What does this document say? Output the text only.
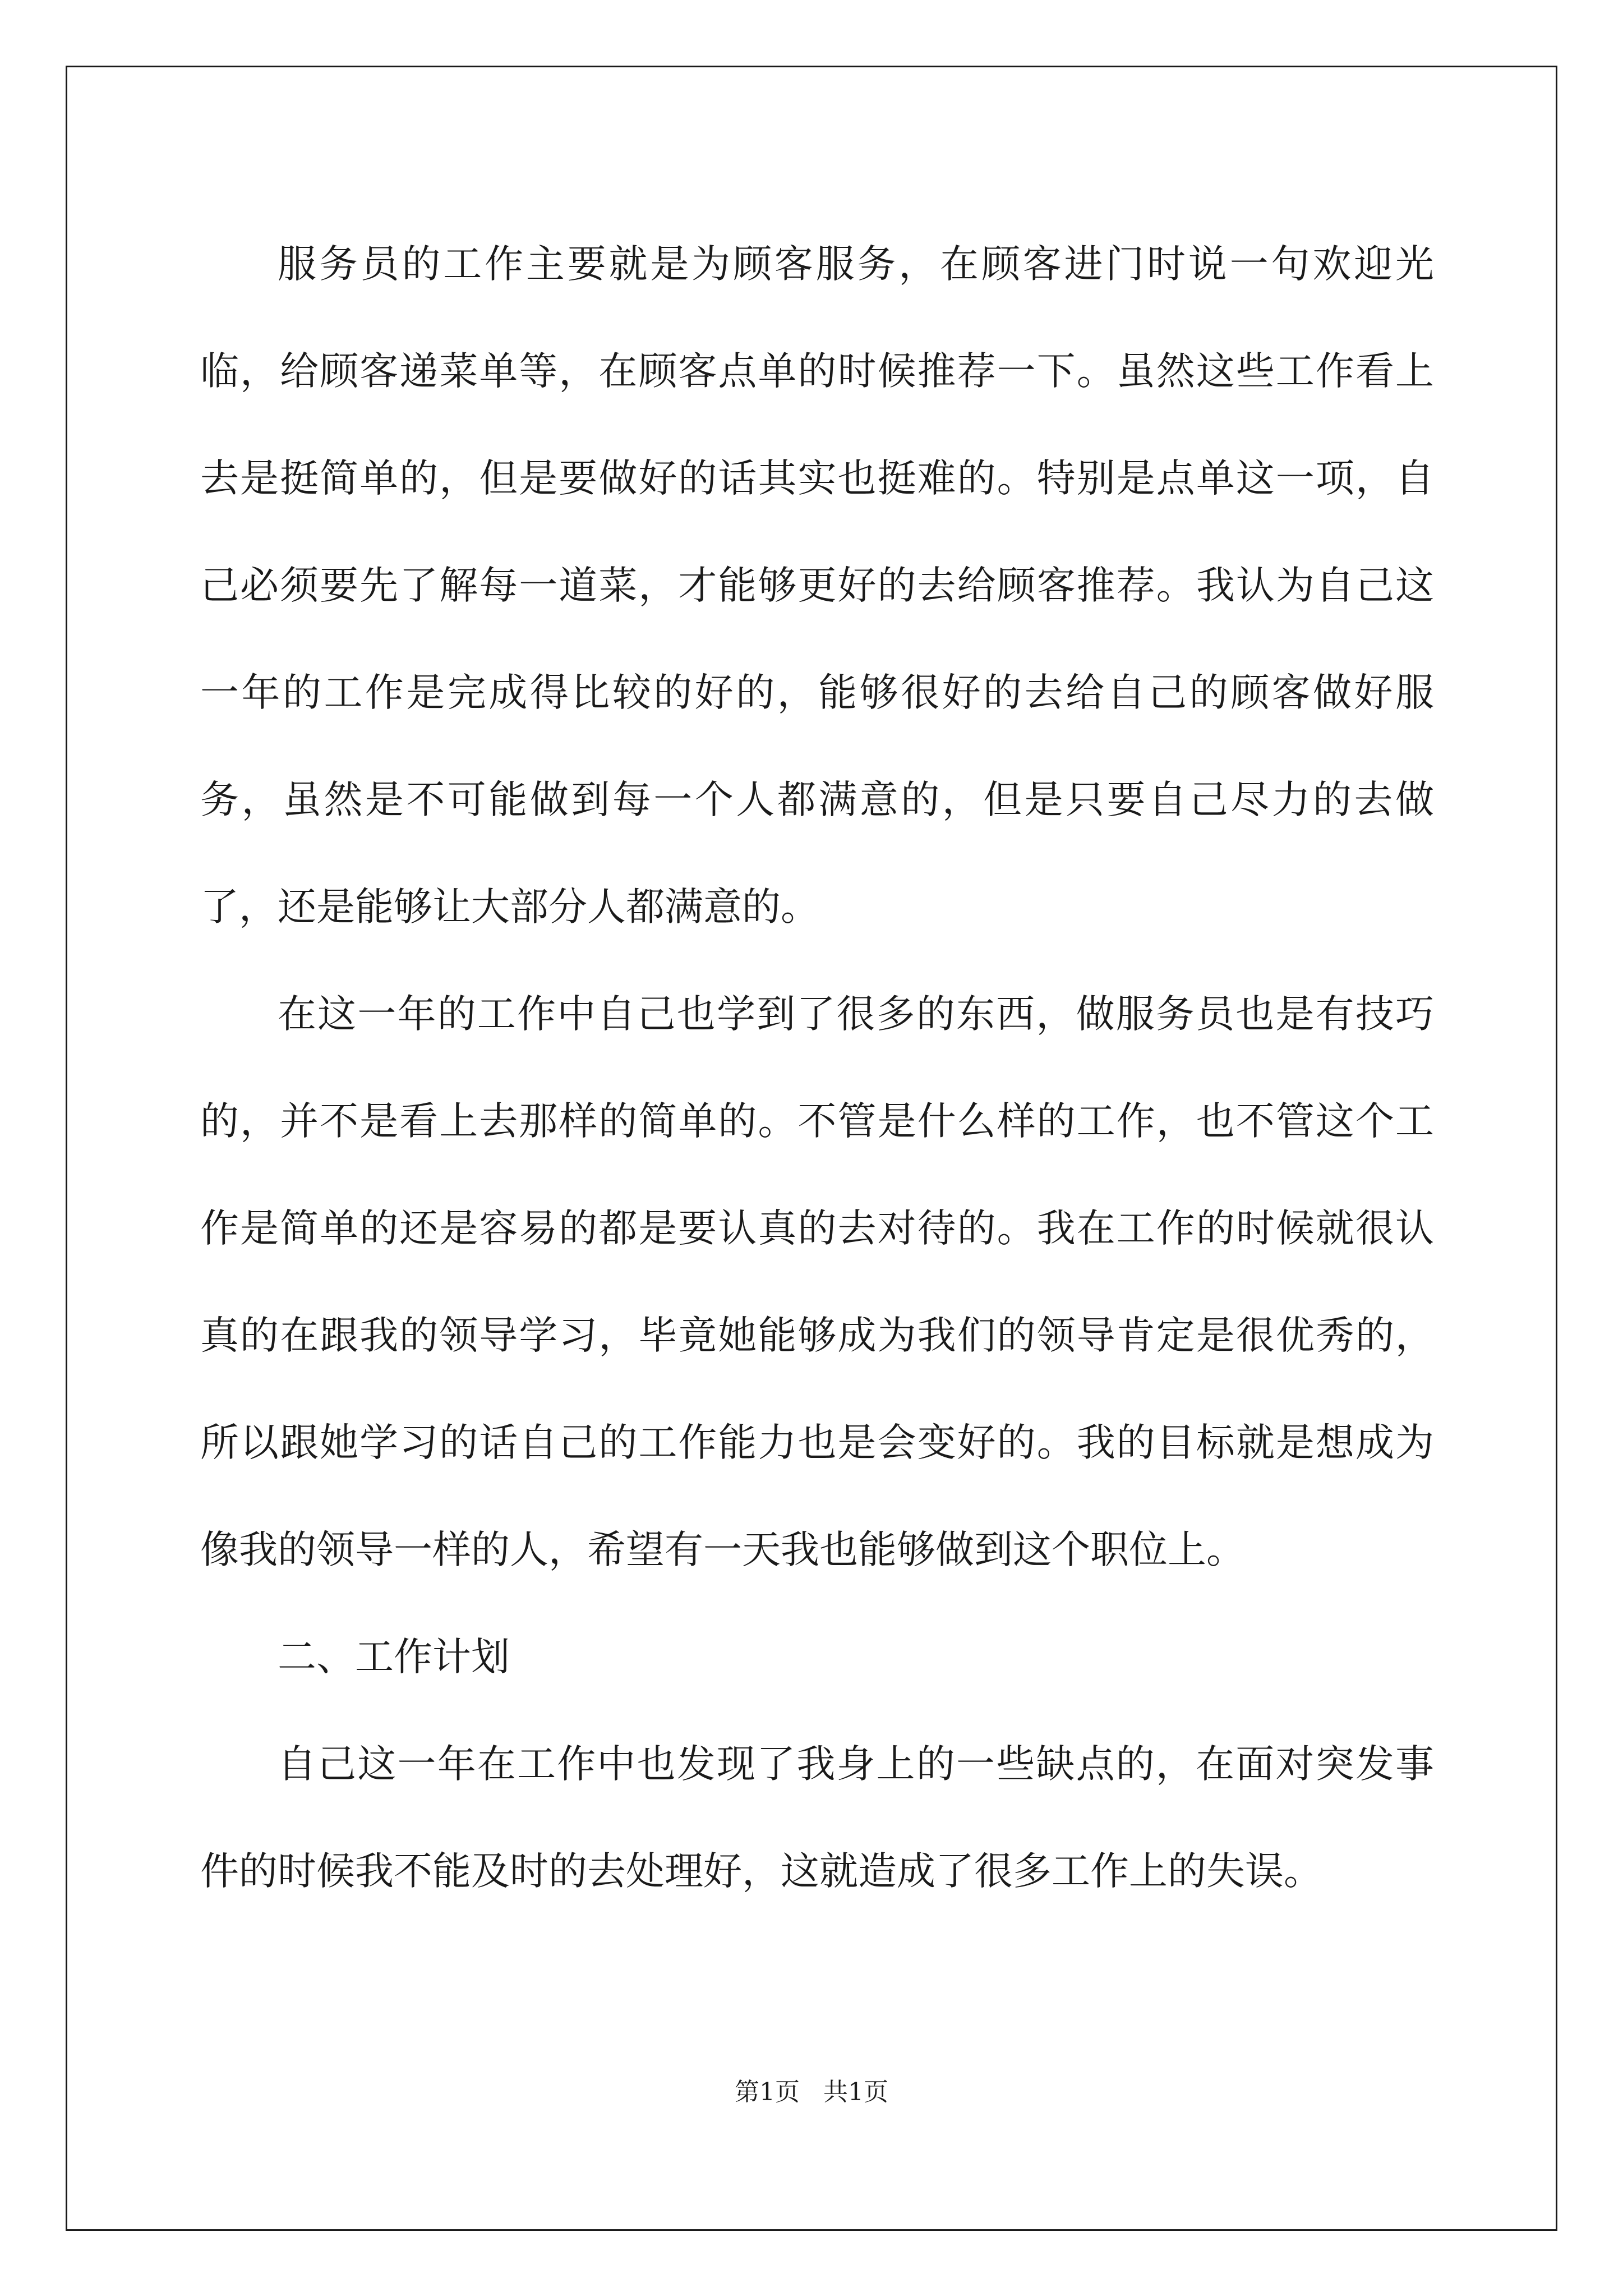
服务员的工作主要就是为顾客服务，在顾客进门时说一句欢迎光临，给顾客递菜单等，在顾客点单的时候推荐一下。虽然这些工作看上去是挺简单的，但是要做好的话其实也挺难的。特别是点单这一项，自己必须要先了解每一道菜，才能够更好的去给顾客推荐。我认为自己这一年的工作是完成得比较的好的，能够很好的去给自己的顾客做好服务，虽然是不可能做到每一个人都满意的，但是只要自己尽力的去做了，还是能够让大部分人都满意的。

在这一年的工作中自己也学到了很多的东西，做服务员也是有技巧的，并不是看上去那样的简单的。不管是什么样的工作，也不管这个工作是简单的还是容易的都是要认真的去对待的。我在工作的时候就很认真的在跟我的领导学习，毕竟她能够成为我们的领导肯定是很优秀的，所以跟她学习的话自己的工作能力也是会变好的。我的目标就是想成为像我的领导一样的人，希望有一天我也能够做到这个职位上。

二、工作计划

自己这一年在工作中也发现了我身上的一些缺点的，在面对突发事件的时候我不能及时的去处理好，这就造成了很多工作上的失误。

第1页   共1页
